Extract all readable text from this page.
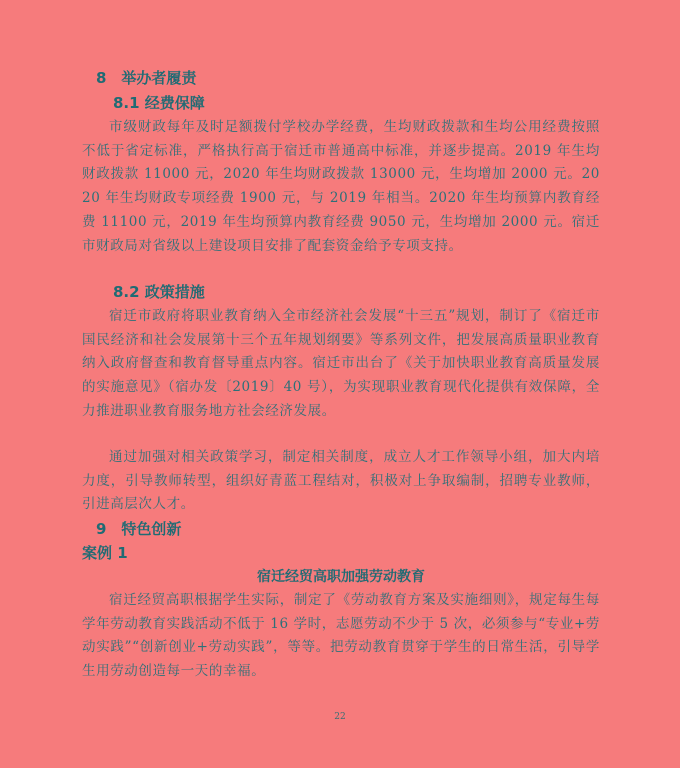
8　举办者履责
8.1 经费保障

市级财政每年及时足额拨付学校办学经费，生均财政拨款和生均公用经费按照不低于省定标准，严格执行高于宿迁市普通高中标准，并逐步提高。2019 年生均财政拨款 11000 元，2020 年生均财政拨款 13000 元，生均增加 2000 元。2020 年生均财政专项经费 1900 元，与 2019 年相当。2020 年生均预算内教育经费 11100 元，2019 年生均预算内教育经费 9050 元，生均增加 2000 元。宿迁市财政局对省级以上建设项目安排了配套资金给予专项支持。

8.2 政策措施

宿迁市政府将职业教育纳入全市经济社会发展“十三五”规划，制订了《宿迁市国民经济和社会发展第十三个五年规划纲要》等系列文件，把发展高质量职业教育纳入政府督查和教育督导重点内容。宿迁市出台了《关于加快职业教育高质量发展的实施意见》（宿办发〔2019〕40 号），为实现职业教育现代化提供有效保障，全力推进职业教育服务地方社会经济发展。

通过加强对相关政策学习，制定相关制度，成立人才工作领导小组，加大内培力度，引导教师转型，组织好青蓝工程结对，积极对上争取编制，招聘专业教师，引进高层次人才。

9　特色创新
案例 1
宿迁经贸高职加强劳动教育

宿迁经贸高职根据学生实际，制定了《劳动教育方案及实施细则》，规定每生每学年劳动教育实践活动不低于 16 学时，志愿劳动不少于 5 次，必须参与“专业+劳动实践”“创新创业+劳动实践”，等等。把劳动教育贯穿于学生的日常生活，引导学生用劳动创造每一天的幸福。

22
